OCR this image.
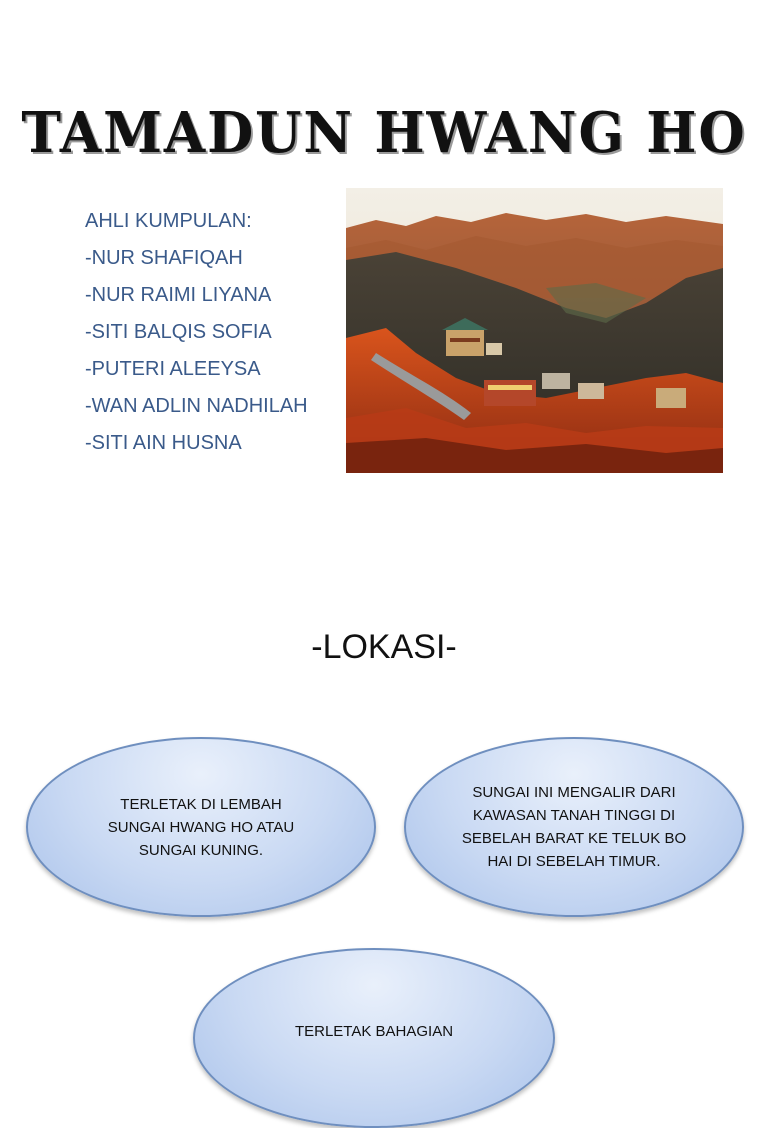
TAMADUN HWANG HO
AHLI KUMPULAN:
-NUR SHAFIQAH
-NUR RAIMI LIYANA
-SITI BALQIS SOFIA
-PUTERI ALEEYSA
-WAN ADLIN NADHILAH
-SITI AIN HUSNA
-LOKASI-
TERLETAK DI LEMBAH SUNGAI HWANG HO ATAU SUNGAI KUNING.
SUNGAI INI MENGALIR DARI KAWASAN TANAH TINGGI DI SEBELAH BARAT KE TELUK BO HAI DI SEBELAH TIMUR.
TERLETAK BAHAGIAN
